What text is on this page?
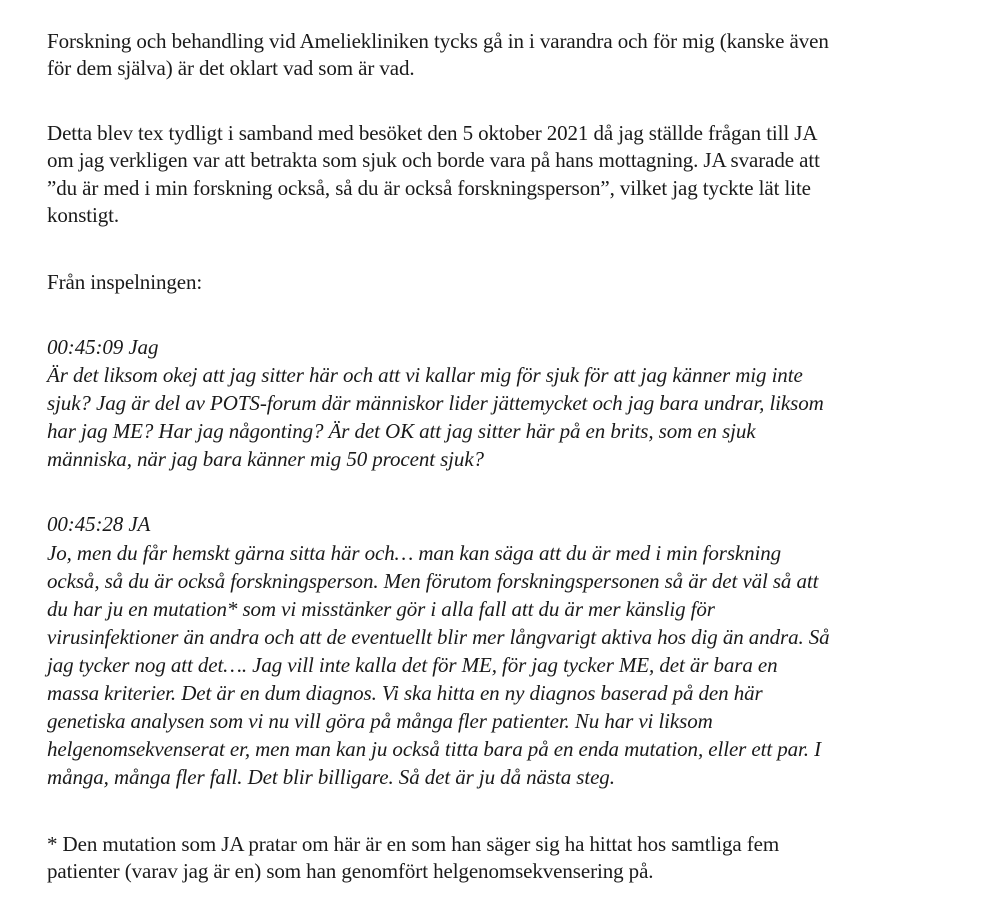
Forskning och behandling vid Ameliekliniken tycks gå in i varandra och för mig (kanske även
för dem själva) är det oklart vad som är vad.
Detta blev tex tydligt i samband med besöket den 5 oktober 2021 då jag ställde frågan till JA
om jag verkligen var att betrakta som sjuk och borde vara på hans mottagning. JA svarade att
”du är med i min forskning också, så du är också forskningsperson”, vilket jag tyckte lät lite
konstigt.
Från inspelningen:
00:45:09 Jag
Är det liksom okej att jag sitter här och att vi kallar mig för sjuk för att jag känner mig inte
sjuk? Jag är del av POTS-forum där människor lider jättemycket och jag bara undrar, liksom
har jag ME? Har jag någonting? Är det OK att jag sitter här på en brits, som en sjuk
människa, när jag bara känner mig 50 procent sjuk?
00:45:28 JA
Jo, men du får hemskt gärna sitta här och… man kan säga att du är med i min forskning
också, så du är också forskningsperson. Men förutom forskningspersonen så är det väl så att
du har ju en mutation* som vi misstänker gör i alla fall att du är mer känslig för
virusinfektioner än andra och att de eventuellt blir mer långvarigt aktiva hos dig än andra. Så
jag tycker nog att det…. Jag vill inte kalla det för ME, för jag tycker ME, det är bara en
massa kriterier. Det är en dum diagnos. Vi ska hitta en ny diagnos baserad på den här
genetiska analysen som vi nu vill göra på många fler patienter. Nu har vi liksom
helgenomsekvenserat er, men man kan ju också titta bara på en enda mutation, eller ett par. I
många, många fler fall. Det blir billigare. Så det är ju då nästa steg.
* Den mutation som JA pratar om här är en som han säger sig ha hittat hos samtliga fem
patienter (varav jag är en) som han genomfört helgenomsekvensering på.
